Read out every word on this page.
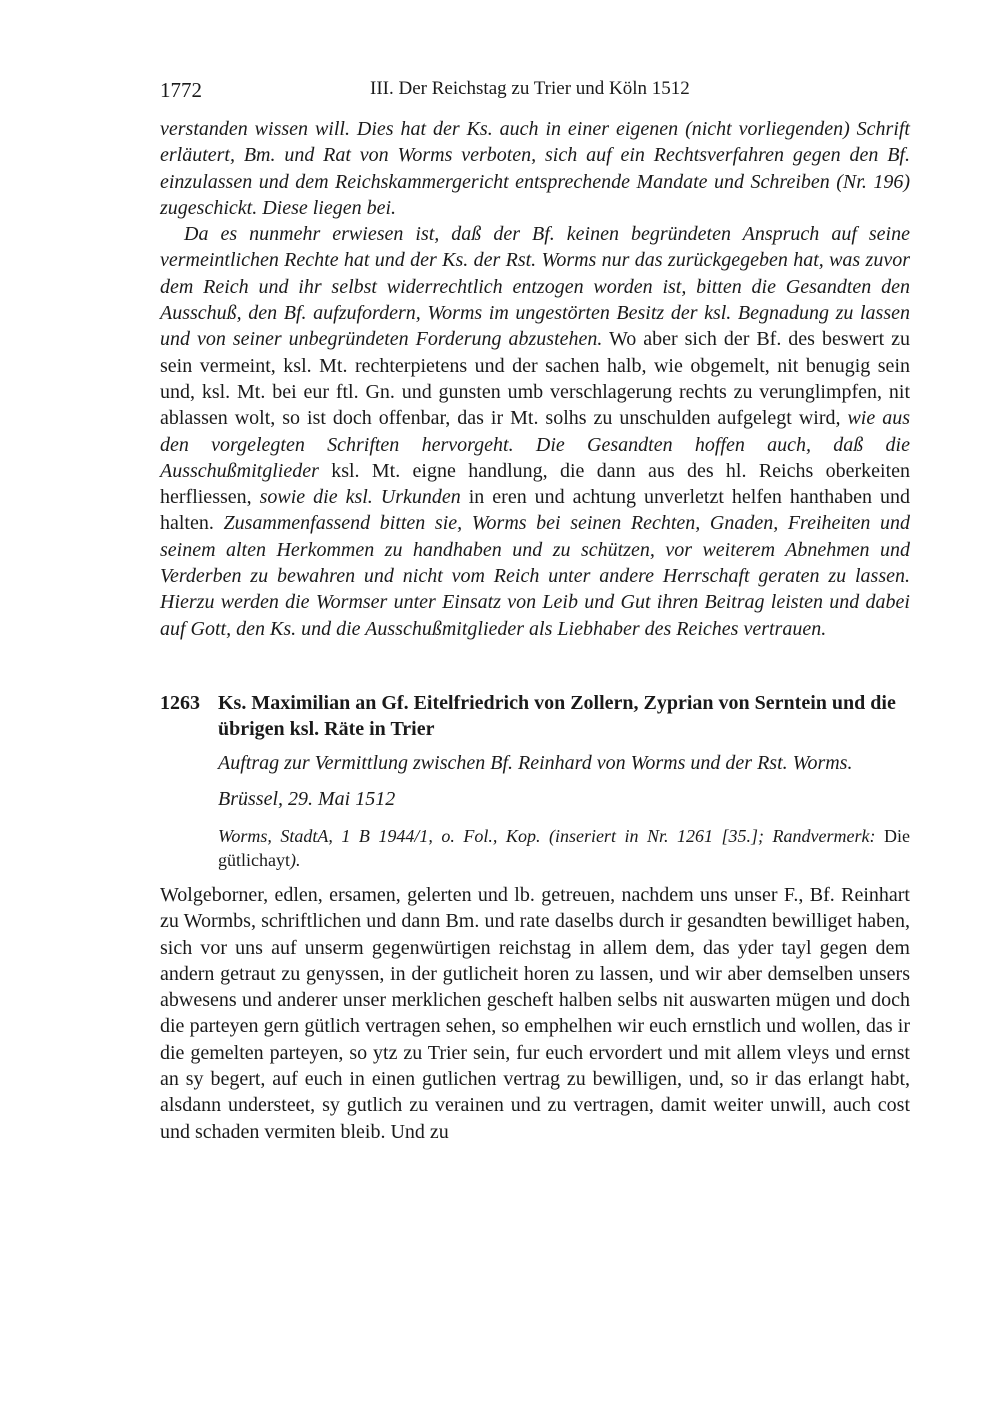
1772	III. Der Reichstag zu Trier und Köln 1512

verstanden wissen will. Dies hat der Ks. auch in einer eigenen (nicht vorliegenden) Schrift erläutert, Bm. und Rat von Worms verboten, sich auf ein Rechtsverfahren gegen den Bf. einzulassen und dem Reichskammergericht entsprechende Mandate und Schreiben (Nr. 196) zugeschickt. Diese liegen bei.

Da es nunmehr erwiesen ist, daß der Bf. keinen begründeten Anspruch auf seine vermeintlichen Rechte hat und der Ks. der Rst. Worms nur das zurückgegeben hat, was zuvor dem Reich und ihr selbst widerrechtlich entzogen worden ist, bitten die Gesandten den Ausschuß, den Bf. aufzufordern, Worms im ungestörten Besitz der ksl. Begnadung zu lassen und von seiner unbegründeten Forderung abzustehen. Wo aber sich der Bf. des beswert zu sein vermeint, ksl. Mt. rechterpietens und der sachen halb, wie obgemelt, nit benugig sein und, ksl. Mt. bei eur ftl. Gn. und gunsten umb verschlagerung rechts zu verunglimpfen, nit ablassen wolt, so ist doch offenbar, das ir Mt. solhs zu unschulden aufgelegt wird, wie aus den vorgelegten Schriften hervorgeht. Die Gesandten hoffen auch, daß die Ausschußmitglieder ksl. Mt. eigne handlung, die dann aus des hl. Reichs oberkeiten herfliessen, sowie die ksl. Urkunden in eren und achtung unverletzt helfen hanthaben und halten. Zusammenfassend bitten sie, Worms bei seinen Rechten, Gnaden, Freiheiten und seinem alten Herkommen zu handhaben und zu schützen, vor weiterem Abnehmen und Verderben zu bewahren und nicht vom Reich unter andere Herrschaft geraten zu lassen. Hierzu werden die Wormser unter Einsatz von Leib und Gut ihren Beitrag leisten und dabei auf Gott, den Ks. und die Ausschußmitglieder als Liebhaber des Reiches vertrauen.

1263 Ks. Maximilian an Gf. Eitelfriedrich von Zollern, Zyprian von Serntein und die übrigen ksl. Räte in Trier
Auftrag zur Vermittlung zwischen Bf. Reinhard von Worms und der Rst. Worms.
Brüssel, 29. Mai 1512
Worms, StadtA, 1 B 1944/1, o. Fol., Kop. (inseriert in Nr. 1261 [35.]; Randvermerk: Die gütlichayt).

Wolgeborner, edlen, ersamen, gelerten und lb. getreuen, nachdem uns unser F., Bf. Reinhart zu Wormbs, schriftlichen und dann Bm. und rate daselbs durch ir gesandten bewilliget haben, sich vor uns auf unserm gegenwürtigen reichstag in allem dem, das yder tayl gegen dem andern getraut zu genyssen, in der gutlicheit horen zu lassen, und wir aber demselben unsers abwesens und anderer unser merklichen gescheft halben selbs nit auswarten mügen und doch die parteyen gern gütlich vertragen sehen, so emphelhen wir euch ernstlich und wollen, das ir die gemelten parteyen, so ytz zu Trier sein, fur euch ervordert und mit allem vleys und ernst an sy begert, auf euch in einen gutlichen vertrag zu bewilligen, und, so ir das erlangt habt, alsdann understeet, sy gutlich zu verainen und zu vertragen, damit weiter unwill, auch cost und schaden vermiten bleib. Und zu
